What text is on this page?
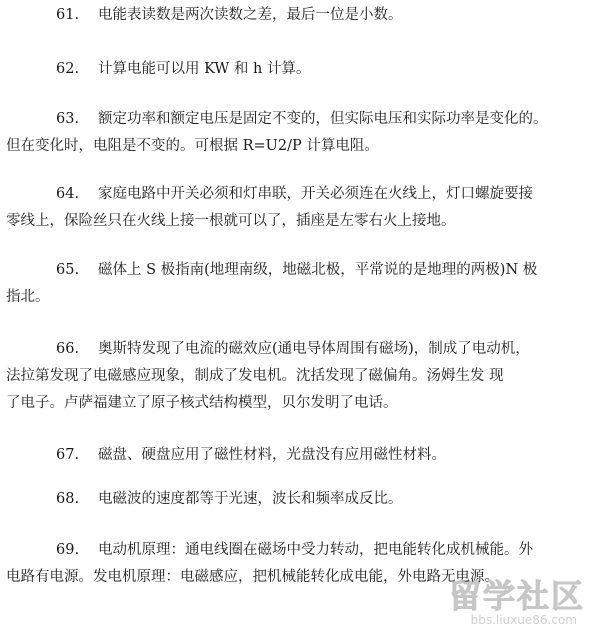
61. 电能表读数是两次读数之差，最后一位是小数。
62. 计算电能可以用 KW 和 h 计算。
63. 额定功率和额定电压是固定不变的，但实际电压和实际功率是变化的。
但在变化时，电阻是不变的。可根据 R=U2/P 计算电阻。
64. 家庭电路中开关必须和灯串联，开关必须连在火线上，灯口螺旋要接
零线上，保险丝只在火线上接一根就可以了，插座是左零右火上接地。
65. 磁体上 S 极指南(地理南级，地磁北极，平常说的是地理的两极)N 极
指北。
66. 奥斯特发现了电流的磁效应(通电导体周围有磁场)，制成了电动机，
法拉第发现了电磁感应现象，制成了发电机。沈括发现了磁偏角。汤姆生发 现
了电子。卢萨福建立了原子核式结构模型，贝尔发明了电话。
67. 磁盘、硬盘应用了磁性材料，光盘没有应用磁性材料。
68. 电磁波的速度都等于光速，波长和频率成反比。
69. 电动机原理：通电线圈在磁场中受力转动，把电能转化成机械能。外
电路有电源。发电机原理：电磁感应，把机械能转化成电能，外电路无电源。
留学社区
bbs.liuxue86.com
